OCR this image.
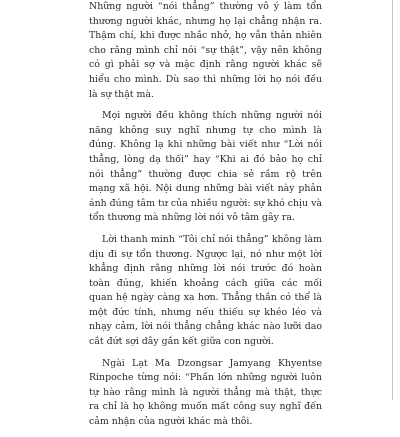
Những người “nói thẳng” thường vô ý làm tổn thương người khác, nhưng họ lại chẳng nhận ra. Thậm chí, khi được nhắc nhở, họ vẫn thản nhiên cho rằng mình chỉ nói “sự thật”, vậy nên không có gì phải sợ và mặc định rằng người khác sẽ hiểu cho mình. Dù sao thì những lời họ nói đều là sự thật mà.

Mọi người đều không thích những người nói năng không suy nghĩ nhưng tự cho mình là đúng. Không lạ khi những bài viết như “Lời nói thẳng, lòng dạ thối” hay “Khi ai đó bảo họ chỉ nói thẳng” thường được chia sẻ rầm rộ trên mạng xã hội. Nội dung những bài viết này phản ánh đúng tâm tư của nhiều người: sự khó chịu và tổn thương mà những lời nói vô tâm gây ra.

Lời thanh minh “Tôi chỉ nói thẳng” không làm dịu đi sự tổn thương. Ngược lại, nó như một lời khẳng định rằng những lời nói trước đó hoàn toàn đúng, khiến khoảng cách giữa các mối quan hệ ngày càng xa hơn. Thẳng thắn có thể là một đức tính, nhưng nếu thiếu sự khéo léo và nhạy cảm, lời nói thẳng chẳng khác nào lưỡi dao cắt đứt sợi dây gắn kết giữa con người.

Ngài Lạt Ma Dzongsar Jamyang Khyentse Rinpoche từng nói: “Phần lớn những người luôn tự hào rằng mình là người thẳng mà thật, thực ra chỉ là họ không muốn mất công suy nghĩ đến cảm nhận của người khác mà thôi.
